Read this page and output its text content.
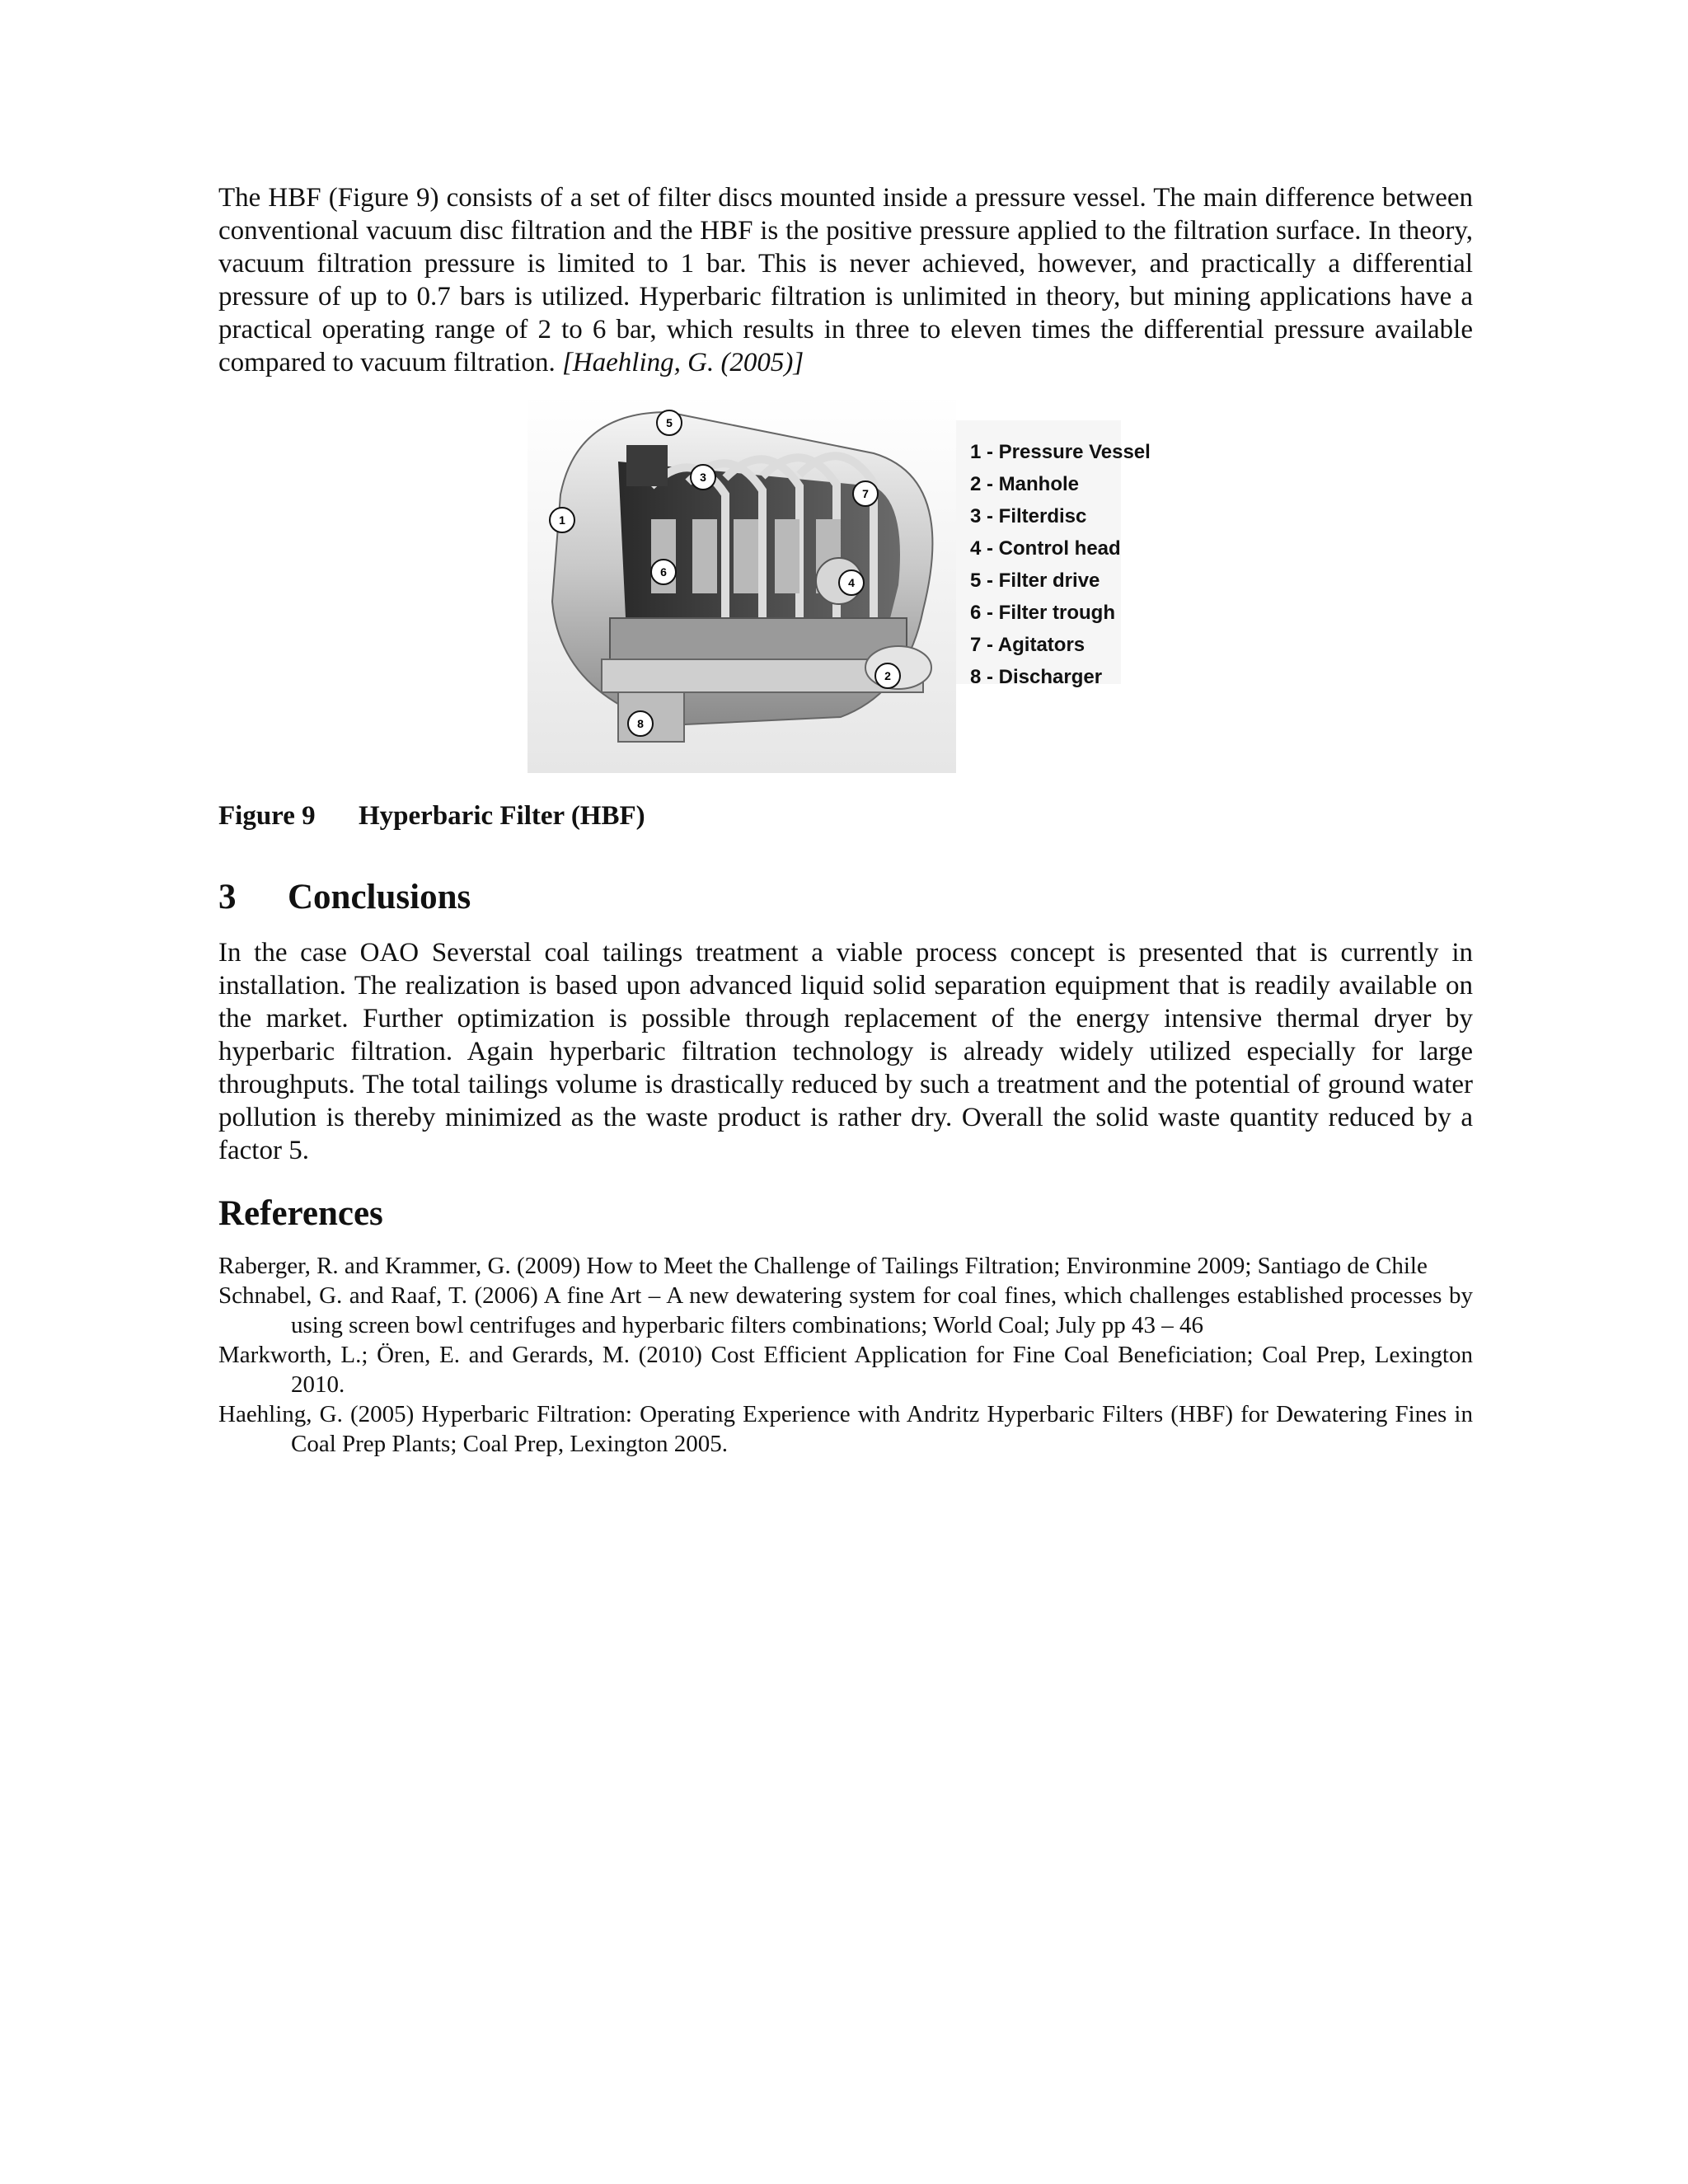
The HBF (Figure 9) consists of a set of filter discs mounted inside a pressure vessel. The main difference between conventional vacuum disc filtration and the HBF is the positive pressure applied to the filtration surface. In theory, vacuum filtration pressure is limited to 1 bar. This is never achieved, however, and practically a differential pressure of up to 0.7 bars is utilized. Hyperbaric filtration is unlimited in theory, but mining applications have a practical operating range of 2 to 6 bar, which results in three to eleven times the differential pressure available compared to vacuum filtration. [Haehling, G. (2005)]

1
2
3
4
5
6
7
8
1 - Pressure Vessel
2 - Manhole
3 - Filterdisc
4 - Control head
5 - Filter drive
6 - Filter trough
7 - Agitators
8 - Discharger
Figure 9 Hyperbaric Filter (HBF)
3 Conclusions

In the case OAO Severstal coal tailings treatment a viable process concept is presented that is currently in installation. The realization is based upon advanced liquid solid separation equipment that is readily available on the market. Further optimization is possible through replacement of the energy intensive thermal dryer by hyperbaric filtration. Again hyperbaric filtration technology is already widely utilized especially for large throughputs. The total tailings volume is drastically reduced by such a treatment and the potential of ground water pollution is thereby minimized as the waste product is rather dry. Overall the solid waste quantity reduced by a factor 5.

References
Raberger, R. and Krammer, G. (2009) How to Meet the Challenge of Tailings Filtration; Environmine 2009; Santiago de Chile
Schnabel, G. and Raaf, T. (2006) A fine Art – A new dewatering system for coal fines, which challenges established processes by using screen bowl centrifuges and hyperbaric filters combinations; World Coal; July pp 43 – 46
Markworth, L.; Ören, E. and Gerards, M. (2010) Cost Efficient Application for Fine Coal Beneficiation; Coal Prep, Lexington 2010.
Haehling, G. (2005) Hyperbaric Filtration: Operating Experience with Andritz Hyperbaric Filters (HBF) for Dewatering Fines in Coal Prep Plants; Coal Prep, Lexington 2005.
